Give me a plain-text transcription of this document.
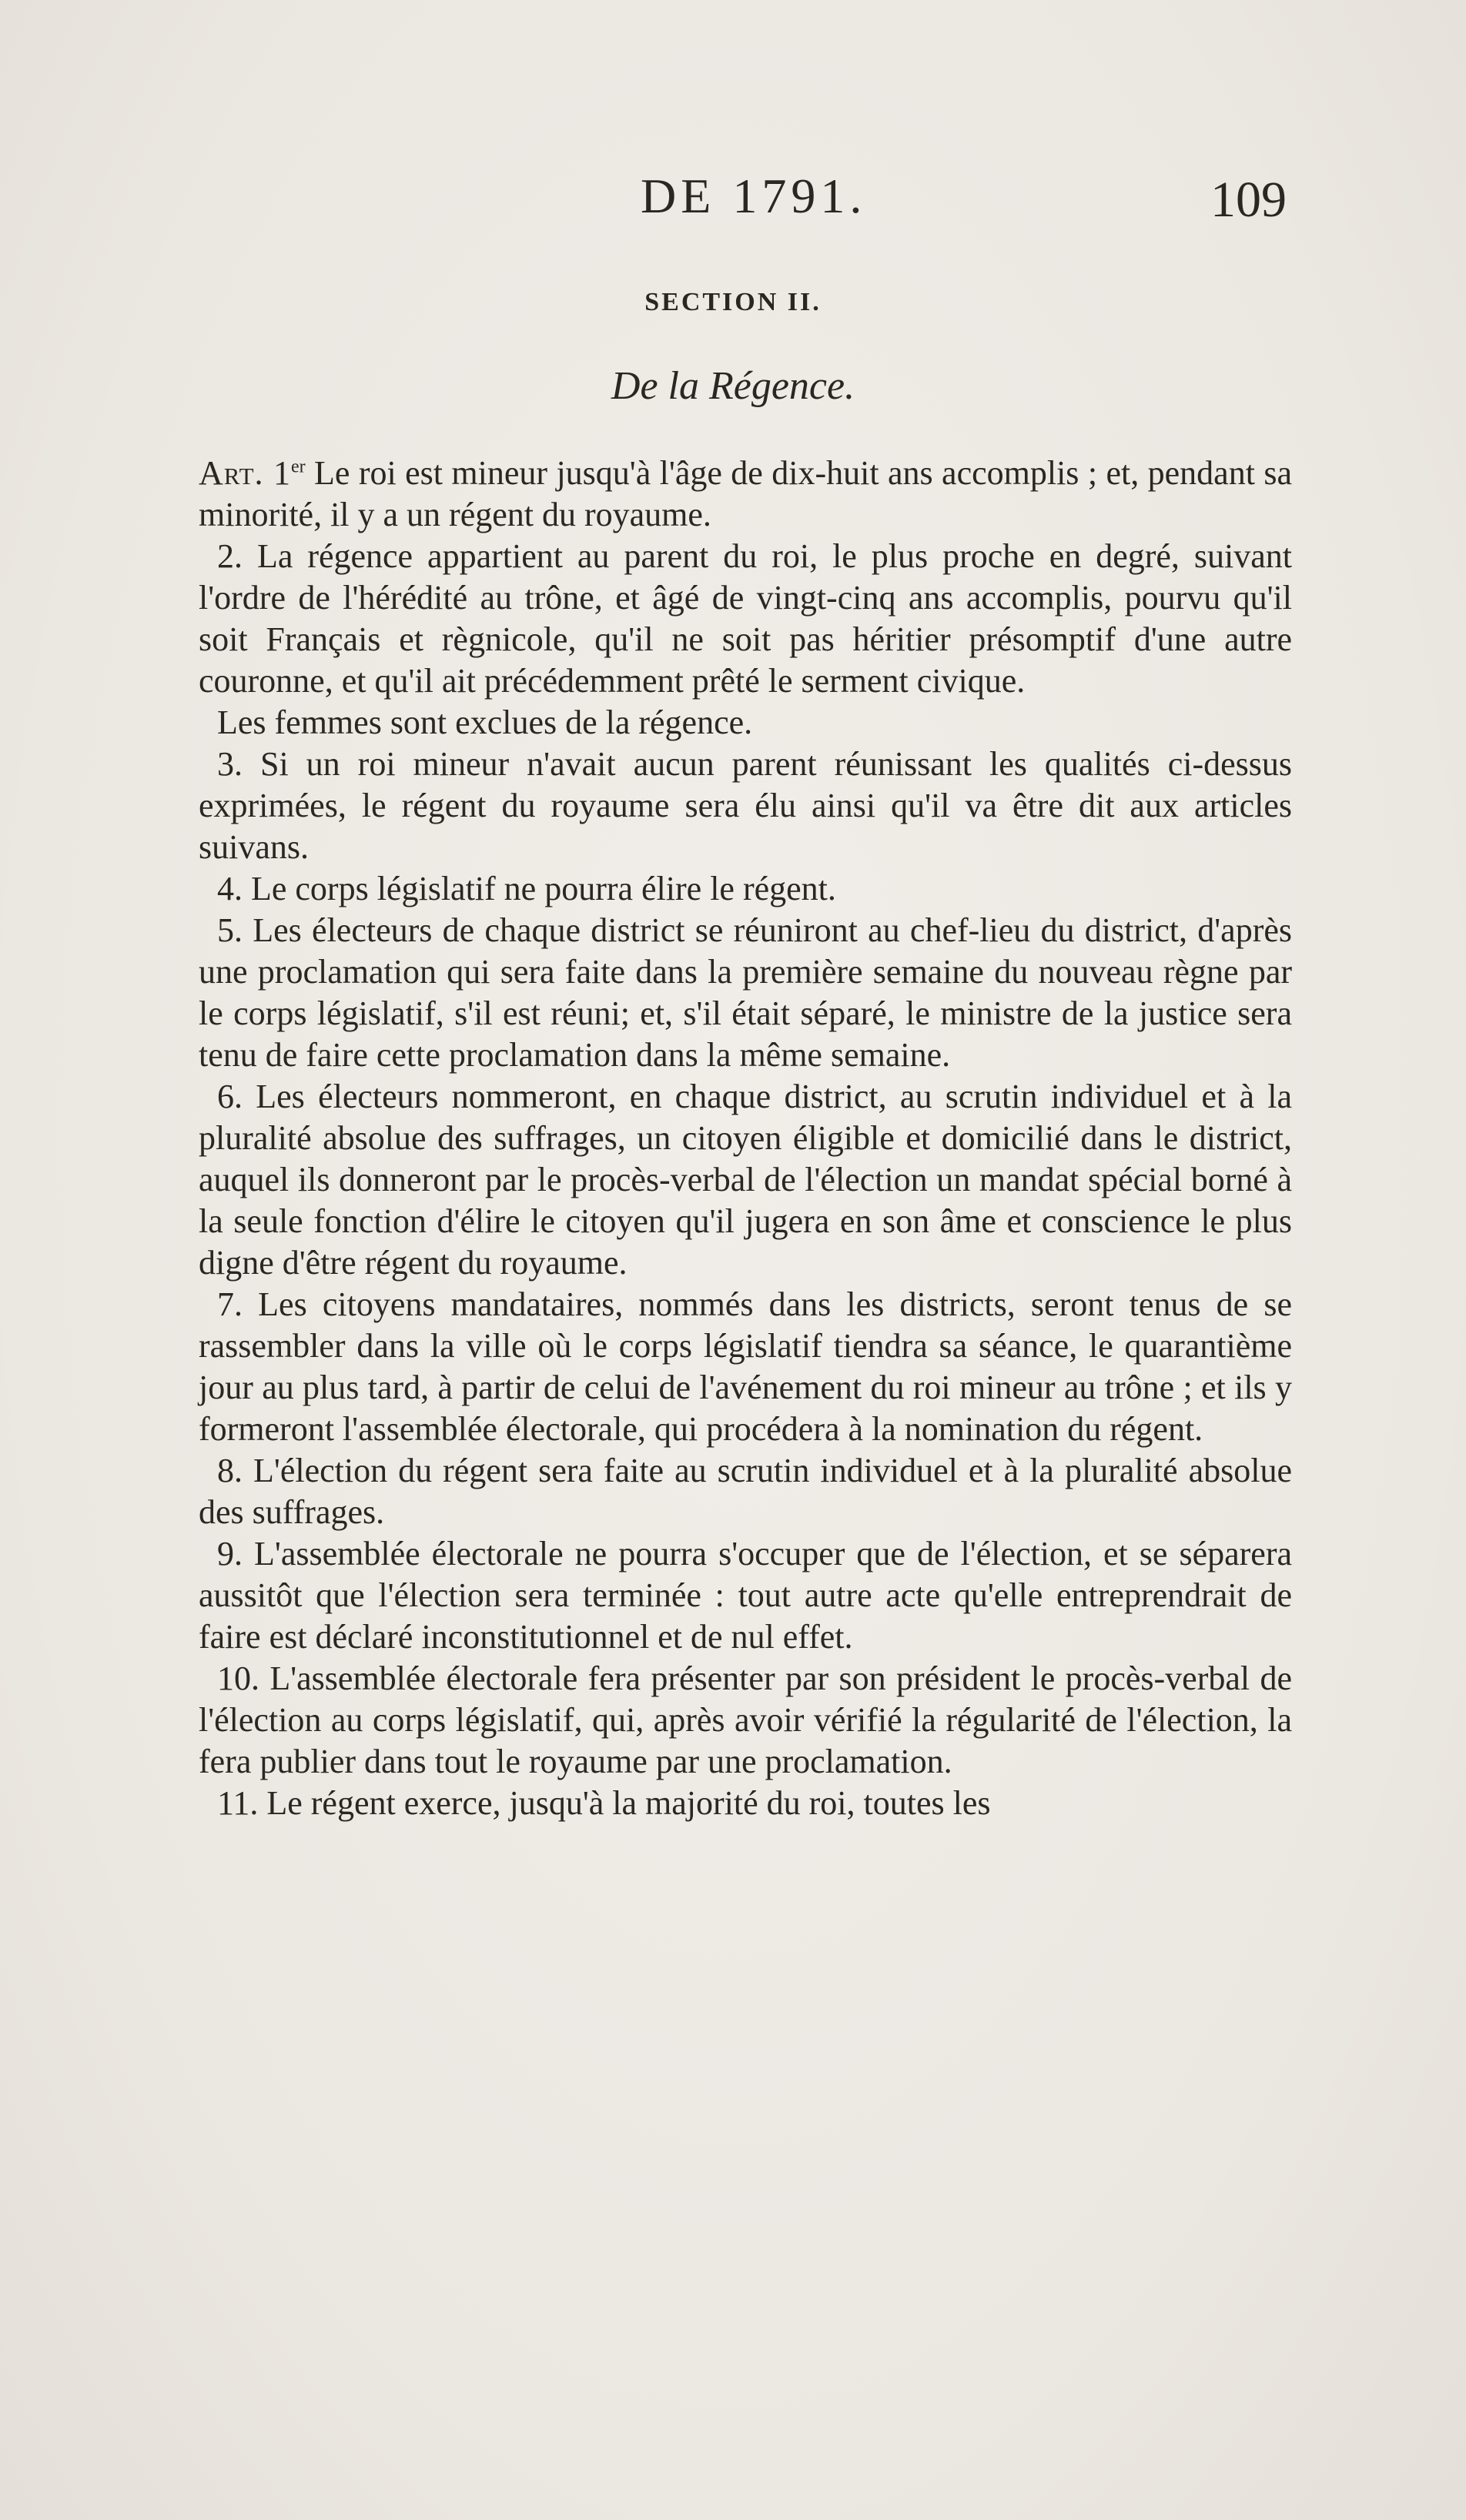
DE 1791.	109
SECTION II.
De la Régence.

Art. 1er Le roi est mineur jusqu'à l'âge de dix-huit ans accomplis ; et, pendant sa minorité, il y a un régent du royaume.

2. La régence appartient au parent du roi, le plus proche en degré, suivant l'ordre de l'hérédité au trône, et âgé de vingt-cinq ans accomplis, pourvu qu'il soit Français et règnicole, qu'il ne soit pas héritier présomptif d'une autre couronne, et qu'il ait précédemment prêté le serment civique.

Les femmes sont exclues de la régence.

3. Si un roi mineur n'avait aucun parent réunissant les qualités ci-dessus exprimées, le régent du royaume sera élu ainsi qu'il va être dit aux articles suivans.

4. Le corps législatif ne pourra élire le régent.

5. Les électeurs de chaque district se réuniront au chef-lieu du district, d'après une proclamation qui sera faite dans la première semaine du nouveau règne par le corps législatif, s'il est réuni; et, s'il était séparé, le ministre de la justice sera tenu de faire cette proclamation dans la même semaine.

6. Les électeurs nommeront, en chaque district, au scrutin individuel et à la pluralité absolue des suffrages, un citoyen éligible et domicilié dans le district, auquel ils donneront par le procès-verbal de l'élection un mandat spécial borné à la seule fonction d'élire le citoyen qu'il jugera en son âme et conscience le plus digne d'être régent du royaume.

7. Les citoyens mandataires, nommés dans les districts, seront tenus de se rassembler dans la ville où le corps législatif tiendra sa séance, le quarantième jour au plus tard, à partir de celui de l'avénement du roi mineur au trône ; et ils y formeront l'assemblée électorale, qui procédera à la nomination du régent.

8. L'élection du régent sera faite au scrutin individuel et à la pluralité absolue des suffrages.

9. L'assemblée électorale ne pourra s'occuper que de l'élection, et se séparera aussitôt que l'élection sera terminée : tout autre acte qu'elle entreprendrait de faire est déclaré inconstitutionnel et de nul effet.

10. L'assemblée électorale fera présenter par son président le procès-verbal de l'élection au corps législatif, qui, après avoir vérifié la régularité de l'élection, la fera publier dans tout le royaume par une proclamation.

11. Le régent exerce, jusqu'à la majorité du roi, toutes les
